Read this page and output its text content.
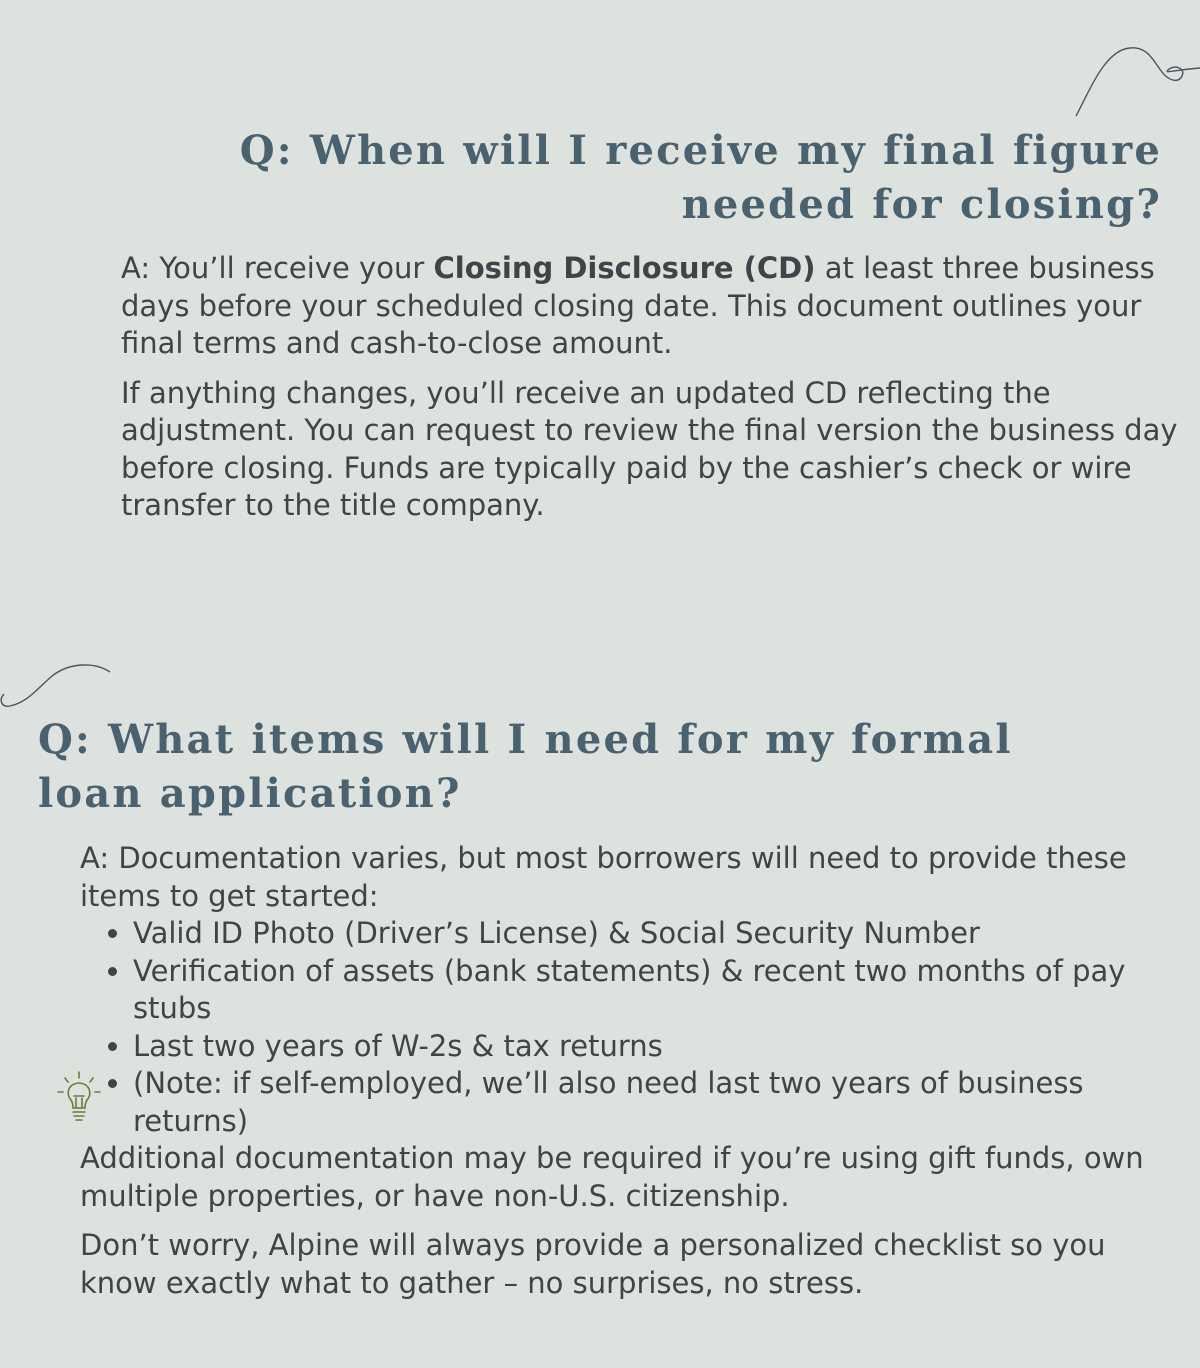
Q: When will I receive my final figure needed for closing?

A: You’ll receive your Closing Disclosure (CD) at least three business days before your scheduled closing date. This document outlines your final terms and cash-to-close amount.

If anything changes, you’ll receive an updated CD reflecting the adjustment. You can request to review the final version the business day before closing. Funds are typically paid by the cashier’s check or wire transfer to the title company.

Q: What items will I need for my formal loan application?

A: Documentation varies, but most borrowers will need to provide these items to get started:

Valid ID Photo (Driver’s License) & Social Security Number
Verification of assets (bank statements) & recent two months of pay stubs
Last two years of W-2s & tax returns
(Note: if self-employed, we’ll also need last two years of business returns)

Additional documentation may be required if you’re using gift funds, own multiple properties, or have non-U.S. citizenship.

Don’t worry, Alpine will always provide a personalized checklist so you know exactly what to gather – no surprises, no stress.
